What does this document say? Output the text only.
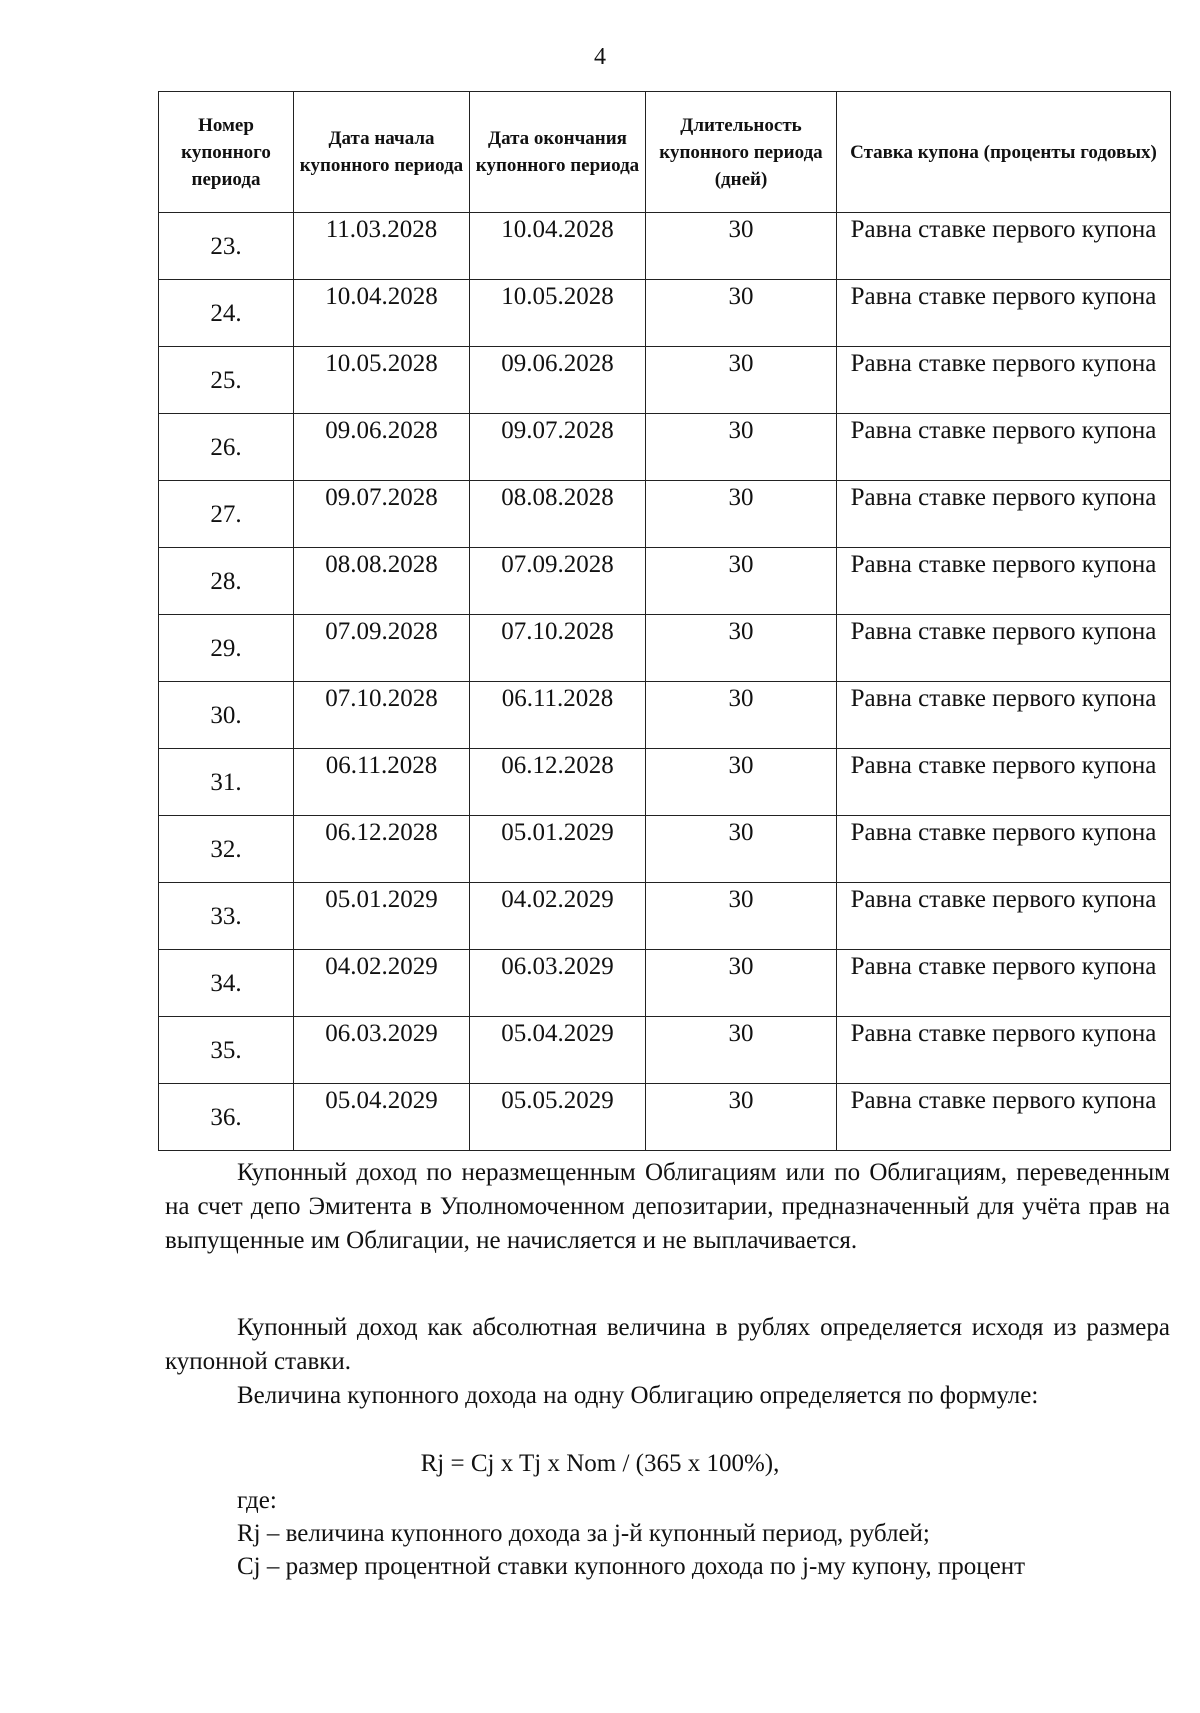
4
Номер купонного периода	Дата начала купонного периода	Дата окончания купонного периода	Длительность купонного периода (дней)	Ставка купона (проценты годовых)
23.	11.03.2028	10.04.2028	30	Равна ставке первого купона
24.	10.04.2028	10.05.2028	30	Равна ставке первого купона
25.	10.05.2028	09.06.2028	30	Равна ставке первого купона
26.	09.06.2028	09.07.2028	30	Равна ставке первого купона
27.	09.07.2028	08.08.2028	30	Равна ставке первого купона
28.	08.08.2028	07.09.2028	30	Равна ставке первого купона
29.	07.09.2028	07.10.2028	30	Равна ставке первого купона
30.	07.10.2028	06.11.2028	30	Равна ставке первого купона
31.	06.11.2028	06.12.2028	30	Равна ставке первого купона
32.	06.12.2028	05.01.2029	30	Равна ставке первого купона
33.	05.01.2029	04.02.2029	30	Равна ставке первого купона
34.	04.02.2029	06.03.2029	30	Равна ставке первого купона
35.	06.03.2029	05.04.2029	30	Равна ставке первого купона
36.	05.04.2029	05.05.2029	30	Равна ставке первого купона
Купонный доход по неразмещенным Облигациям или по Облигациям, переведенным на счет депо Эмитента в Уполномоченном депозитарии, предназначенный для учёта прав на выпущенные им Облигации, не начисляется и не выплачивается.
Купонный доход как абсолютная величина в рублях определяется исходя из размера купонной ставки.
Величина купонного дохода на одну Облигацию определяется по формуле:
Rj = Cj x Tj x Nom / (365 x 100%),
где:
Rj – величина купонного дохода за j-й купонный период, рублей;
Cj – размер процентной ставки купонного дохода по j-му купону, процент
